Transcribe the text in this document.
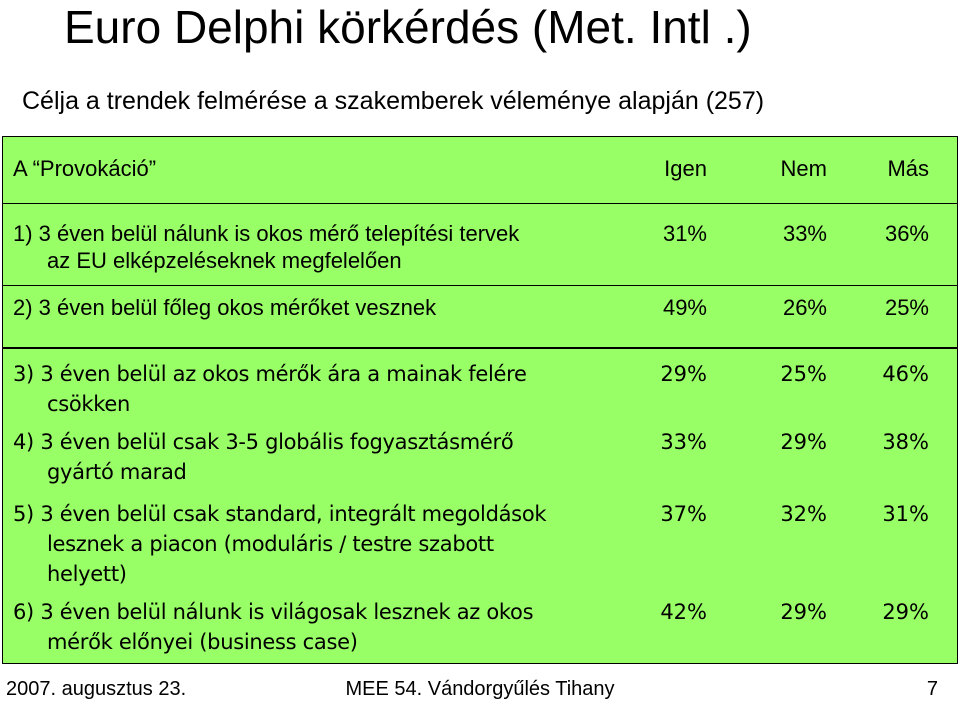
Euro Delphi körkérdés (Met. Intl .)
Célja a trendek felmérése a szakemberek véleménye alapján (257)
A “Provokáció”	Igen	Nem	Más
1) 3 éven belül nálunk is okos mérő telepítési tervek
az EU elképzeléseknek megfelelően
31%	33%	36%
2) 3 éven belül főleg okos mérőket vesznek	49%	26%	25%
3) 3 éven belül az okos mérők ára a mainak felére
csökken
29%	25%	46%
4) 3 éven belül csak 3-5 globális fogyasztásmérő
gyártó marad
33%	29%	38%
5) 3 éven belül csak standard, integrált megoldások
lesznek a piacon (moduláris / testre szabott
helyett)
37%	32%	31%
6) 3 éven belül nálunk is világosak lesznek az okos
mérők előnyei (business case)
42%	29%	29%
2007. augusztus 23.	MEE 54. Vándorgyűlés Tihany	7
